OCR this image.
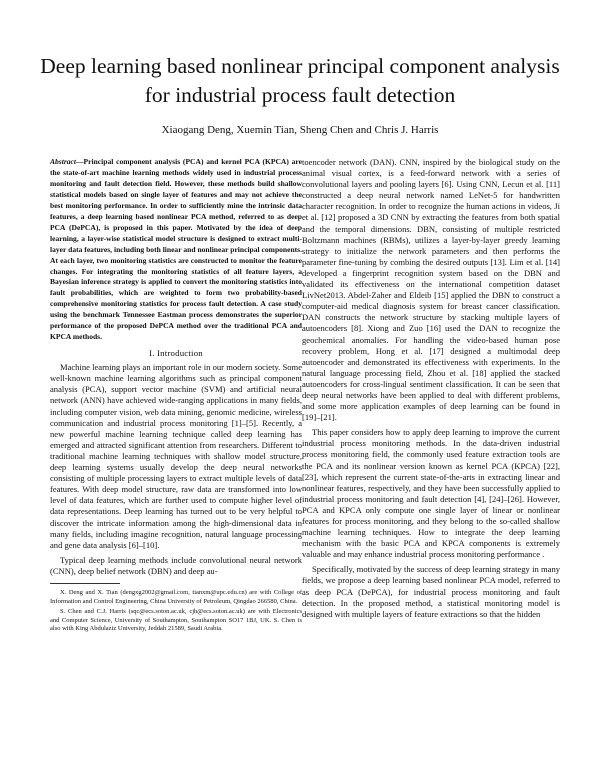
Deep learning based nonlinear principal component analysis for industrial process fault detection
Xiaogang Deng, Xuemin Tian, Sheng Chen and Chris J. Harris

Abstract—Principal component analysis (PCA) and kernel PCA (KPCA) are the state-of-art machine learning methods widely used in industrial process monitoring and fault detection field. However, these methods build shallow statistical models based on single layer of features and may not achieve the best monitoring performance. In order to sufficiently mine the intrinsic data features, a deep learning based nonlinear PCA method, referred to as deep PCA (DePCA), is proposed in this paper. Motivated by the idea of deep learning, a layer-wise statistical model structure is designed to extract multi-layer data features, including both linear and nonlinear principal components. At each layer, two monitoring statistics are constructed to monitor the feature changes. For integrating the monitoring statistics of all feature layers, a Bayesian inference strategy is applied to convert the monitoring statistics into fault probabilities, which are weighted to form two probability-based comprehensive monitoring statistics for process fault detection. A case study using the benchmark Tennessee Eastman process demonstrates the superior performance of the proposed DePCA method over the traditional PCA and KPCA methods.

I. Introduction

Machine learning plays an important role in our modern society. Some well-known machine learning algorithms such as principal component analysis (PCA), support vector machine (SVM) and artificial neural network (ANN) have achieved wide-ranging applications in many fields, including computer vision, web data mining, genomic medicine, wireless communication and industrial process monitoring [1]–[5]. Recently, a new powerful machine learning technique called deep learning has emerged and attracted significant attention from researchers. Different to traditional machine learning techniques with shallow model structure, deep learning systems usually develop the deep neural networks consisting of multiple processing layers to extract multiple levels of data features. With deep model structure, raw data are transformed into low level of data features, which are further used to compute higher level of data representations. Deep learning has turned out to be very helpful to discover the intricate information among the high-dimensional data in many fields, including imagine recognition, natural language processing and gene data analysis [6]–[10].

Typical deep learning methods include convolutional neural network (CNN), deep belief network (DBN) and deep au-

X. Deng and X. Tian (dengxg2002@gmail.com, tianxm@upc.edu.cn) are with College of Information and Control Engineering, China University of Petroleum, Qingdao 266580, China.

S. Chen and C.J. Harris (sqc@ecs.soton.ac.uk, cjh@ecs.soton.ac.uk) are with Electronics and Computer Science, University of Southampton, Southampton SO17 1BJ, UK. S. Chen is also with King Abdulaziz University, Jeddah 21589, Saudi Arabia.

toencoder network (DAN). CNN, inspired by the biological study on the animal visual cortex, is a feed-forward network with a series of convolutional layers and pooling layers [6]. Using CNN, Lecun et al. [11] constructed a deep neural network named LeNet-5 for handwritten character recognition. In order to recognize the human actions in videos, Ji et al. [12] proposed a 3D CNN by extracting the features from both spatial and the temporal dimensions. DBN, consisting of multiple restricted Boltzmann machines (RBMs), utilizes a layer-by-layer greedy learning strategy to initialize the network parameters and then performs the parameter fine-tuning by combing the desired outputs [13]. Lim et al. [14] developed a fingerprint recognition system based on the DBN and validated its effectiveness on the international competition dataset LivNet2013. Abdel-Zaher and Eldeib [15] applied the DBN to construct a computer-aid medical diagnosis system for breast cancer classification. DAN constructs the network structure by stacking multiple layers of autoencoders [8]. Xiong and Zuo [16] used the DAN to recognize the geochemical anomalies. For handling the video-based human pose recovery problem, Hong et al. [17] designed a multimodal deep autoencoder and demonstrated its effectiveness with experiments. In the natural language processing field, Zhou et al. [18] applied the stacked autoencoders for cross-lingual sentiment classification. It can be seen that deep neural networks have been applied to deal with different problems, and some more application examples of deep learning can be found in [19]–[21].

This paper considers how to apply deep learning to improve the current industrial process monitoring methods. In the data-driven industrial process monitoring field, the commonly used feature extraction tools are the PCA and its nonlinear version known as kernel PCA (KPCA) [22], [23], which represent the current state-of-the-arts in extracting linear and nonlinear features, respectively, and they have been successfully applied to industrial process monitoring and fault detection [4], [24]–[26]. However, PCA and KPCA only compute one single layer of linear or nonlinear features for process monitoring, and they belong to the so-called shallow machine learning techniques. How to integrate the deep learning mechanism with the basic PCA and KPCA components is extremely valuable and may enhance industrial process monitoring performance .

Specifically, motivated by the success of deep learning strategy in many fields, we propose a deep learning based nonlinear PCA model, referred to as deep PCA (DePCA), for industrial process monitoring and fault detection. In the proposed method, a statistical monitoring model is designed with multiple layers of feature extractions so that the hidden
